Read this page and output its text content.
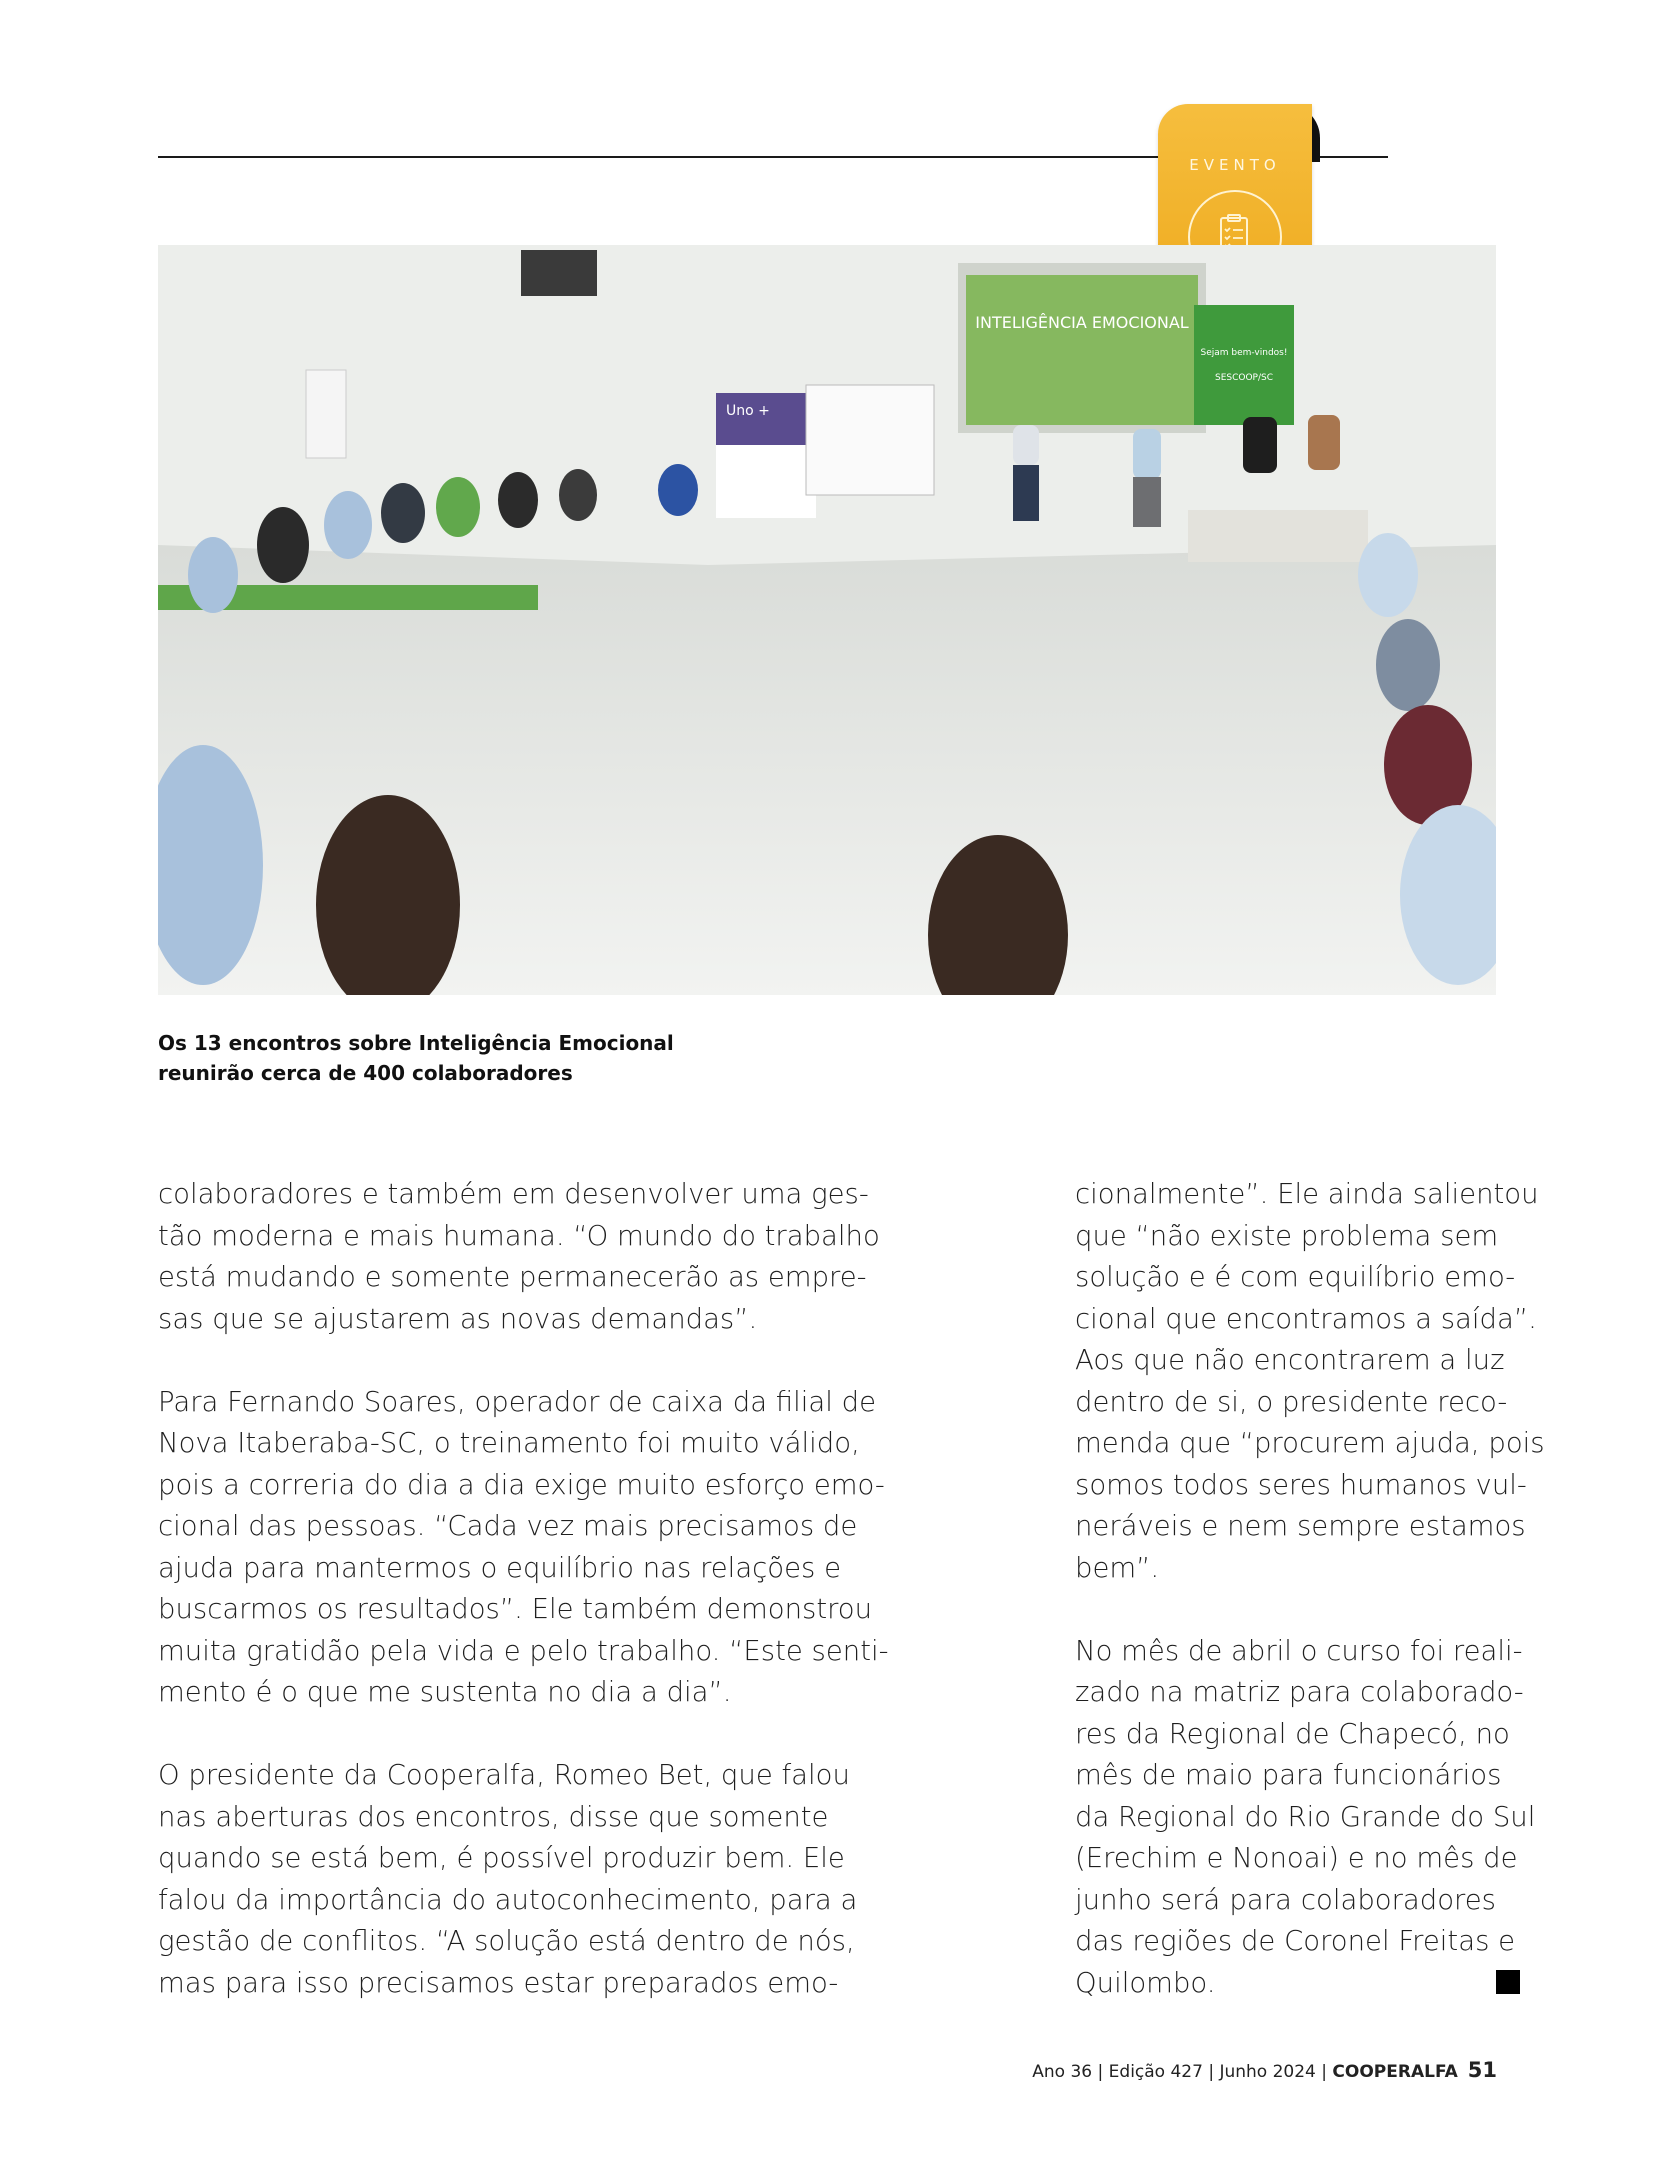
EVENTO
INTELIGÊNCIA EMOCIONAL
Sejam bem-vindos!
SESCOOP/SC
Uno +
Os 13 encontros sobre Inteligência Emocional
reunirão cerca de 400 colaboradores

colaboradores e também em desenvolver uma ges-
tão moderna e mais humana. “O mundo do trabalho
está mudando e somente permanecerão as empre-
sas que se ajustarem as novas demandas”.

Para Fernando Soares, operador de caixa da filial de
Nova Itaberaba-SC, o treinamento foi muito válido,
pois a correria do dia a dia exige muito esforço emo-
cional das pessoas. “Cada vez mais precisamos de
ajuda para mantermos o equilíbrio nas relações e
buscarmos os resultados”. Ele também demonstrou
muita gratidão pela vida e pelo trabalho. “Este senti-
mento é o que me sustenta no dia a dia”.

O presidente da Cooperalfa, Romeo Bet, que falou
nas aberturas dos encontros, disse que somente
quando se está bem, é possível produzir bem. Ele
falou da importância do autoconhecimento, para a
gestão de conflitos. “A solução está dentro de nós,
mas para isso precisamos estar preparados emo-

cionalmente”. Ele ainda salientou
que “não existe problema sem
solução e é com equilíbrio emo-
cional que encontramos a saída”.
Aos que não encontrarem a luz
dentro de si, o presidente reco-
menda que “procurem ajuda, pois
somos todos seres humanos vul-
neráveis e nem sempre estamos
bem”.

No mês de abril o curso foi reali-
zado na matriz para colaborado-
res da Regional de Chapecó, no
mês de maio para funcionários
da Regional do Rio Grande do Sul
(Erechim e Nonoai) e no mês de
junho será para colaboradores
das regiões de Coronel Freitas e
Quilombo.

Ano 36 | Edição 427 | Junho 2024 | COOPERALFA 51
